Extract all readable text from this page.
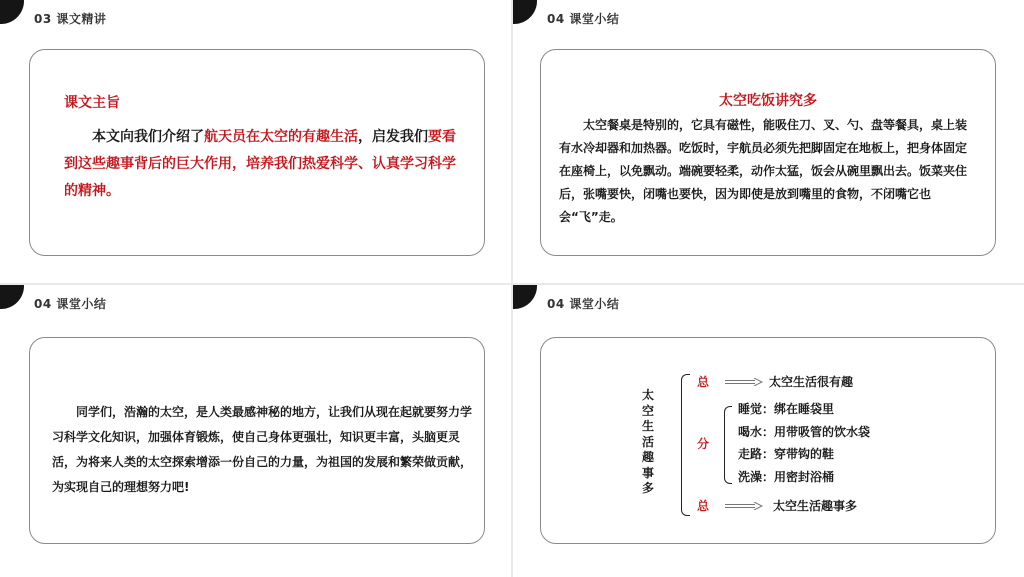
03 课文精讲
课文主旨
本文向我们介绍了航天员在太空的有趣生活，启发我们要看到这些趣事背后的巨大作用，培养我们热爱科学、认真学习科学的精神。
04 课堂小结
太空吃饭讲究多
太空餐桌是特别的，它具有磁性，能吸住刀、叉、勺、盘等餐具，桌上装有水冷却器和加热器。吃饭时，宇航员必须先把脚固定在地板上，把身体固定在座椅上，以免飘动。端碗要轻柔，动作太猛，饭会从碗里飘出去。饭菜夹住后，张嘴要快，闭嘴也要快，因为即使是放到嘴里的食物，不闭嘴它也会“飞”走。
04 课堂小结
同学们，浩瀚的太空，是人类最感神秘的地方，让我们从现在起就要努力学习科学文化知识，加强体育锻炼，使自己身体更强壮，知识更丰富，头脑更灵活，为将来人类的太空探索增添一份自己的力量，为祖国的发展和繁荣做贡献，为实现自己的理想努力吧!
04 课堂小结
太空生活趣事多
总	太空生活很有趣
分
睡觉：绑在睡袋里
喝水：用带吸管的饮水袋
走路：穿带钩的鞋
洗澡：用密封浴桶
总	太空生活趣事多
